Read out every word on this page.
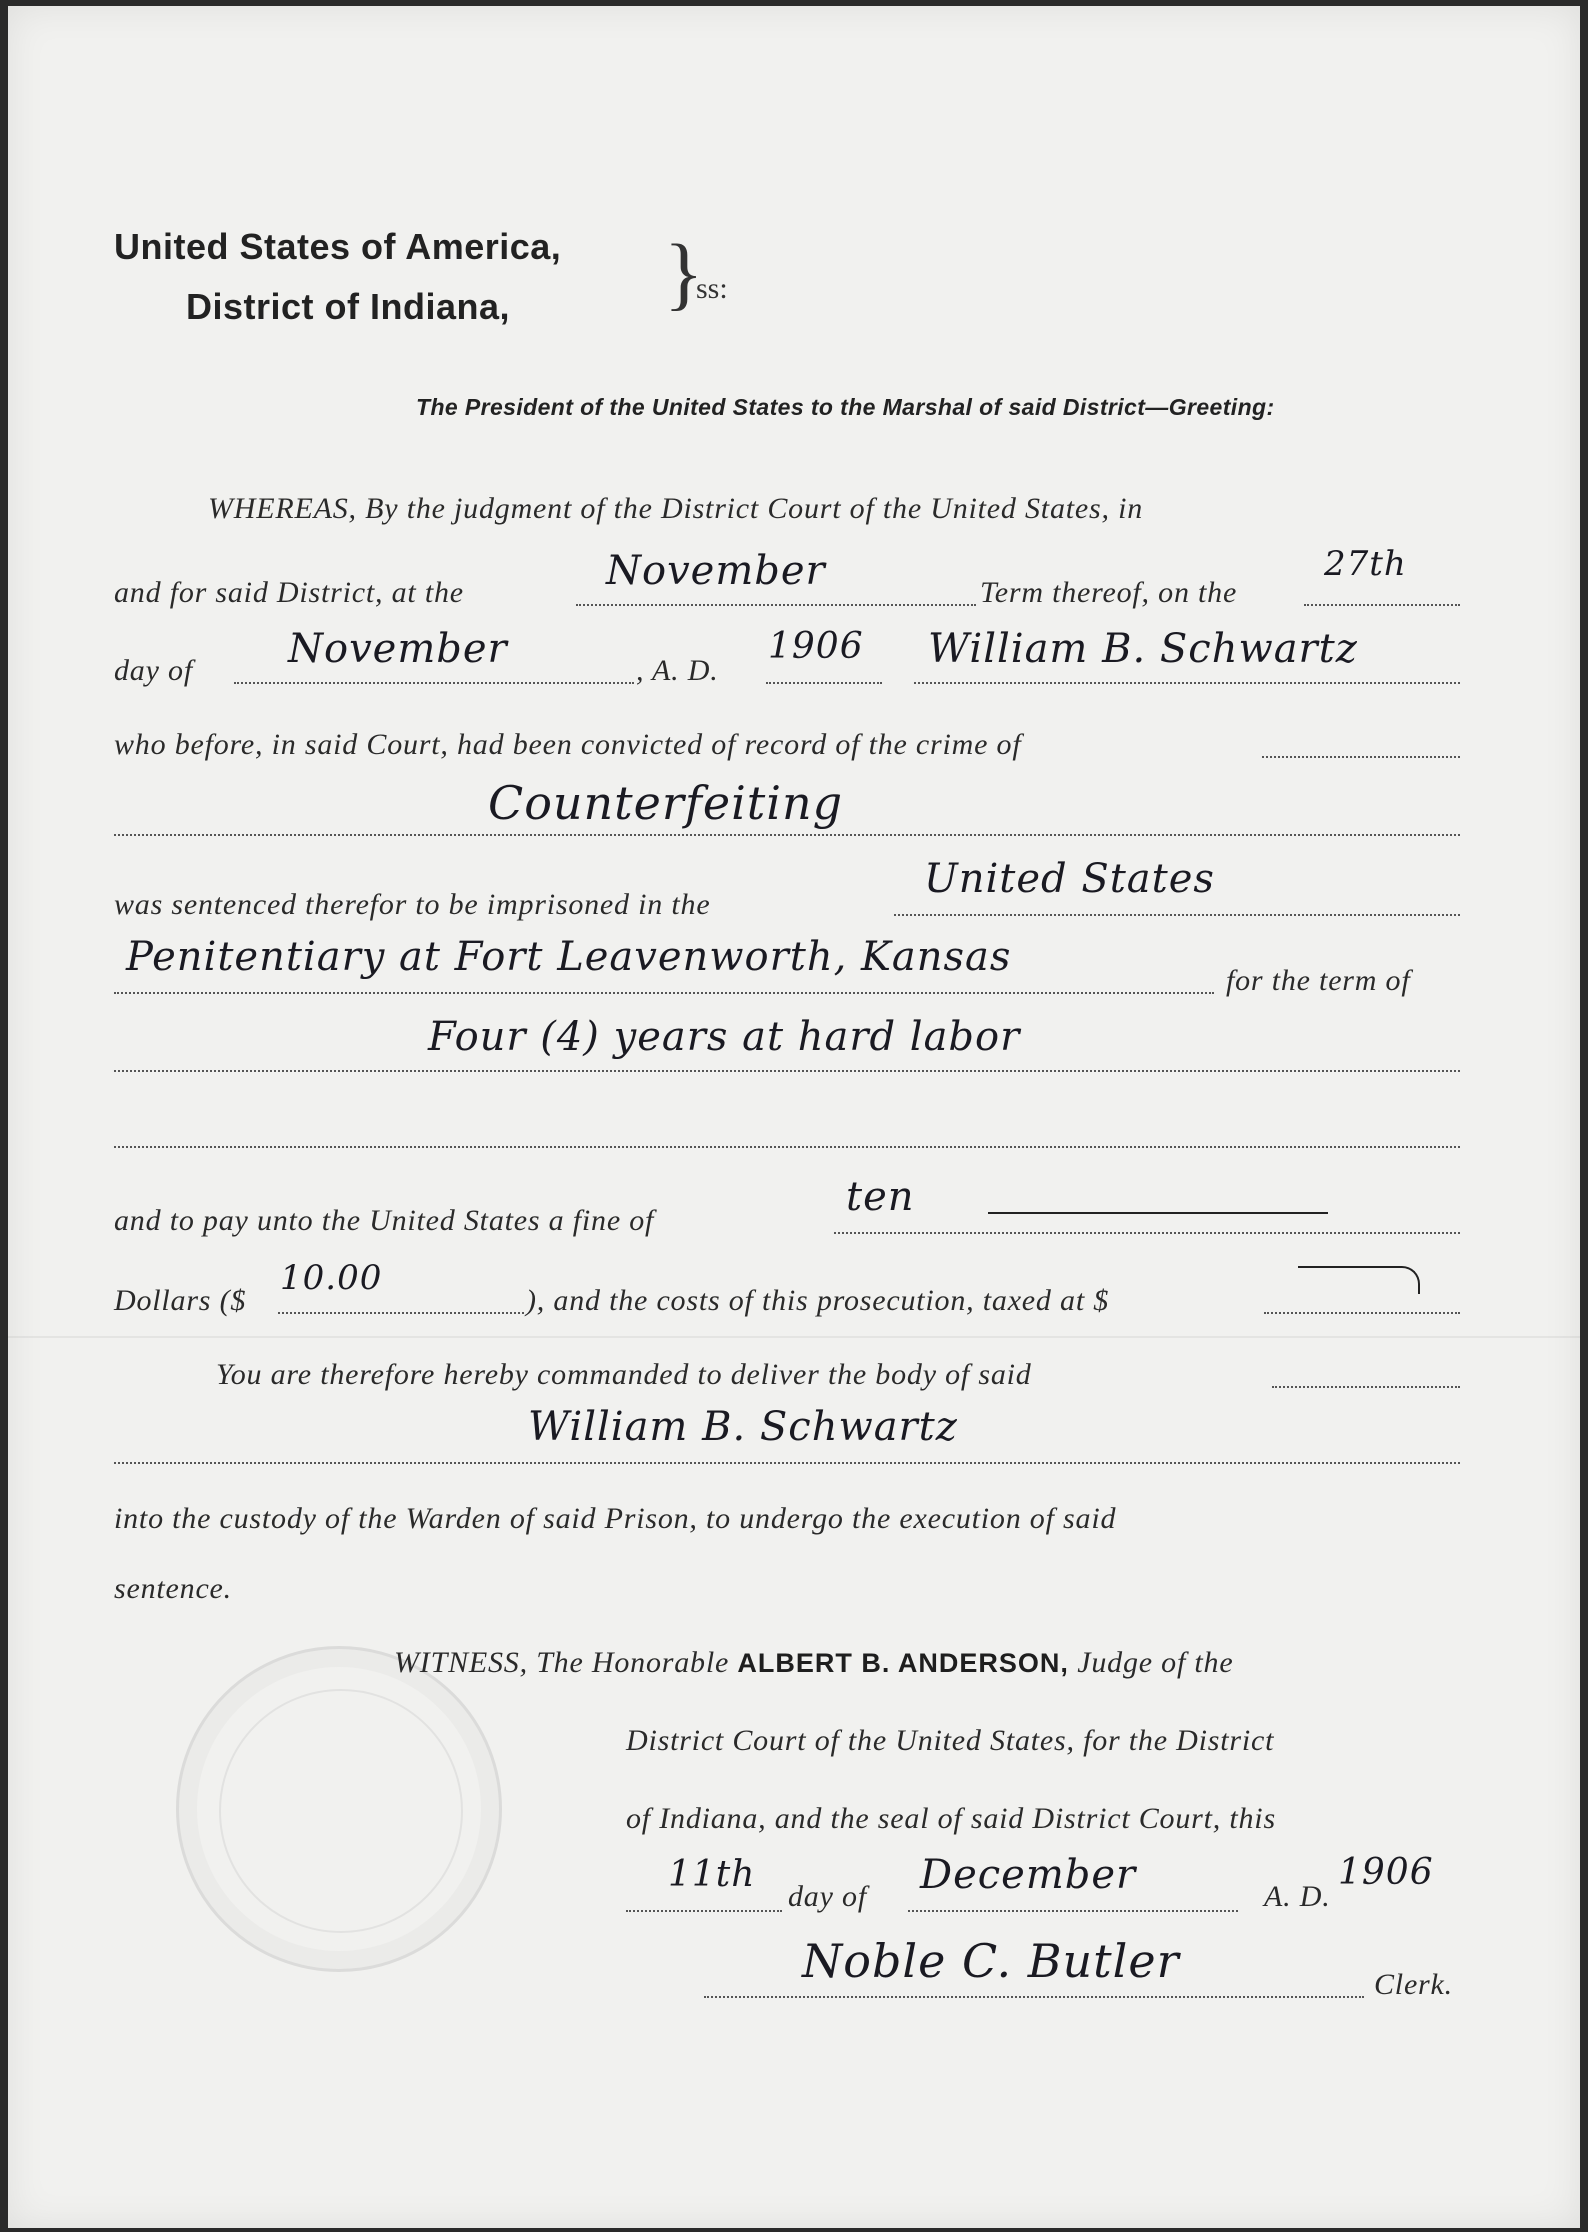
United States of America,
District of Indiana, }
ss:
The President of the United States to the Marshal of said District—Greeting:
WHEREAS, By the judgment of the District Court of the United States, in
and for said District, at the	November	Term thereof, on the
27th
day of November	, A. D.
1906 William B. Schwartz
who before, in said Court, had been convicted of record of the crime of
Counterfeiting
was sentenced therefor to be imprisoned in the
United States
Penitentiary at Fort Leavenworth, Kansas
for the term of
Four (4) years at hard labor
and to pay unto the United States a fine of
ten
Dollars ($
10.00
), and the costs of this prosecution, taxed at $
You are therefore hereby commanded to deliver the body of said
William B. Schwartz
into the custody of the Warden of said Prison, to undergo the execution of said
sentence.
WITNESS, The Honorable ALBERT B. ANDERSON, Judge of the
District Court of the United States, for the District
of Indiana, and the seal of said District Court, this
11th
day of December	A. D.
1906
Noble C. Butler	Clerk.
